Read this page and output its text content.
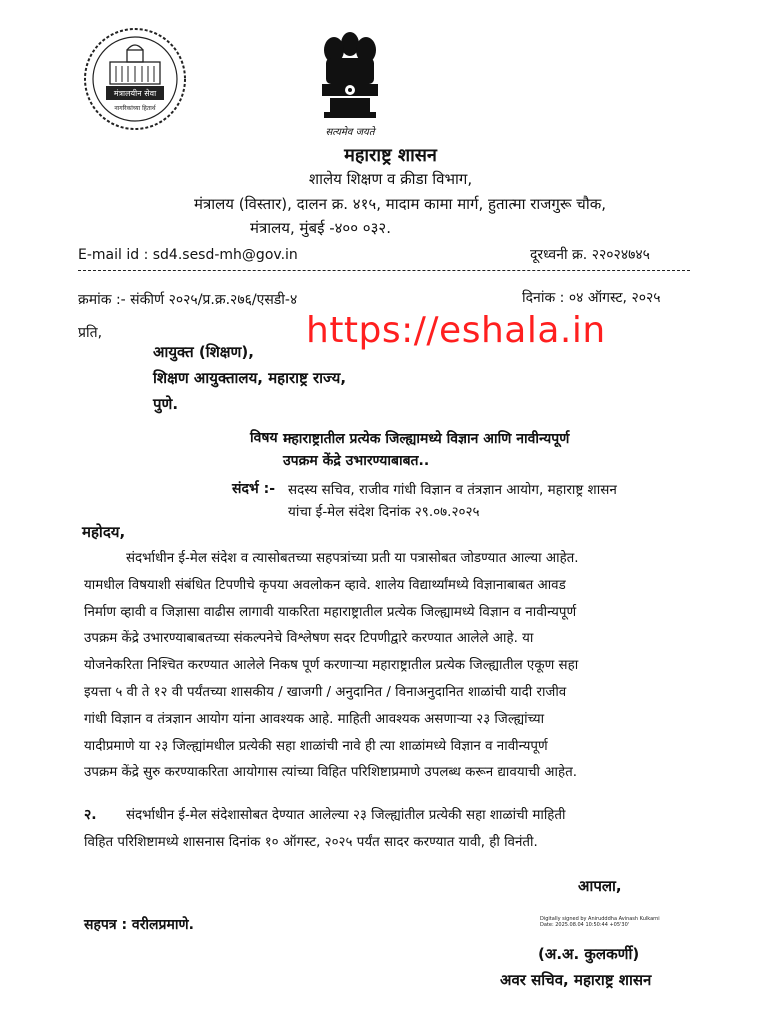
मंत्रालयीन सेवा
नागरिकांच्या हितार्थ
सत्यमेव जयते
महाराष्ट्र शासन
शालेय शिक्षण व क्रीडा विभाग,
मंत्रालय (विस्तार), दालन क्र. ४१५, मादाम कामा मार्ग, हुतात्मा राजगुरू चौक,
मंत्रालय, मुंबई -४०० ०३२.
E-mail id : sd4.sesd-mh@gov.in	दूरध्वनी क्र. २२०२४७४५
क्रमांक :- संकीर्ण २०२५/प्र.क्र.२७६/एसडी-४	दिनांक : ०४ ऑगस्ट, २०२५
प्रति,	https://eshala.in
आयुक्त (शिक्षण),
शिक्षण आयुक्तालय, महाराष्ट्र राज्य,
पुणे.
विषय :-
महाराष्ट्रातील प्रत्येक जिल्ह्यामध्ये विज्ञान आणि नावीन्यपूर्ण
उपक्रम केंद्रे उभारण्याबाबत..
संदर्भ :- सदस्य सचिव, राजीव गांधी विज्ञान व तंत्रज्ञान आयोग, महाराष्ट्र शासन
यांचा ई-मेल संदेश दिनांक २९.०७.२०२५
महोदय,
संदर्भाधीन ई-मेल संदेश व त्यासोबतच्या सहपत्रांच्या प्रती या पत्रासोबत जोडण्यात आल्या आहेत.
यामधील विषयाशी संबंधित टिपणीचे कृपया अवलोकन व्हावे. शालेय विद्यार्थ्यांमध्ये विज्ञानाबाबत आवड
निर्माण व्हावी व जिज्ञासा वाढीस लागावी याकरिता महाराष्ट्रातील प्रत्येक जिल्ह्यामध्ये विज्ञान व नावीन्यपूर्ण
उपक्रम केंद्रे उभारण्याबाबतच्या संकल्पनेचे विश्लेषण सदर टिपणीद्वारे करण्यात आलेले आहे. या
योजनेकरिता निश्चित करण्यात आलेले निकष पूर्ण करणाऱ्या महाराष्ट्रातील प्रत्येक जिल्ह्यातील एकूण सहा
इयत्ता ५ वी ते १२ वी पर्यंतच्या शासकीय / खाजगी / अनुदानित / विनाअनुदानित शाळांची यादी राजीव
गांधी विज्ञान व तंत्रज्ञान आयोग यांना आवश्यक आहे. माहिती आवश्यक असणाऱ्या २३ जिल्ह्यांच्या
यादीप्रमाणे या २३ जिल्ह्यांमधील प्रत्येकी सहा शाळांची नावे ही त्या शाळांमध्ये विज्ञान व नावीन्यपूर्ण
उपक्रम केंद्रे सुरु करण्याकरिता आयोगास त्यांच्या विहित परिशिष्टाप्रमाणे उपलब्ध करून द्यावयाची आहेत.
२.	संदर्भाधीन ई-मेल संदेशासोबत देण्यात आलेल्या २३ जिल्ह्यांतील प्रत्येकी सहा शाळांची माहिती
विहित परिशिष्टामध्ये शासनास दिनांक १० ऑगस्ट, २०२५ पर्यंत सादर करण्यात यावी, ही विनंती.
आपला,
सहपत्र : वरीलप्रमाणे.	Digitally signed by Anirudddha Avinash Kulkarni
Date: 2025.08.04 10:50:44 +05'30'
(अ.अ. कुलकर्णी)
अवर सचिव, महाराष्ट्र शासन
